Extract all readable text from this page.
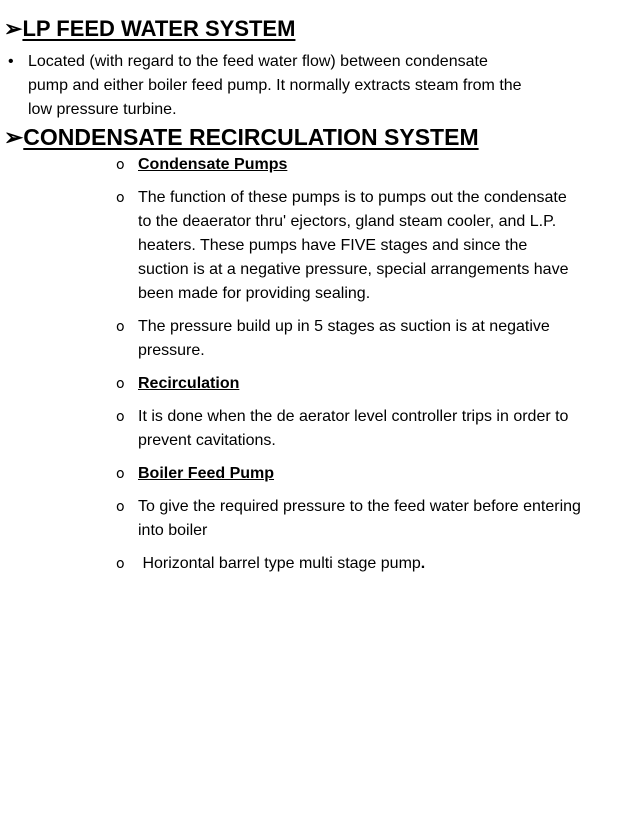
➢LP FEED WATER SYSTEM
• Located (with regard to the feed water flow) between condensate pump and either boiler feed pump. It normally extracts steam from the low pressure turbine.
➢CONDENSATE RECIRCULATION SYSTEM
o Condensate Pumps
o The function of these pumps is to pumps out the condensate to the deaerator thru' ejectors, gland steam cooler, and L.P. heaters. These pumps have FIVE stages and since the suction is at a negative pressure, special arrangements have been made for providing sealing.
o The pressure build up in 5 stages as suction is at negative pressure.
o Recirculation
o It is done when the de aerator level controller trips in order to prevent cavitations.
o Boiler Feed Pump
o To give the required pressure to the feed water before entering into boiler
o Horizontal barrel type multi stage pump.
